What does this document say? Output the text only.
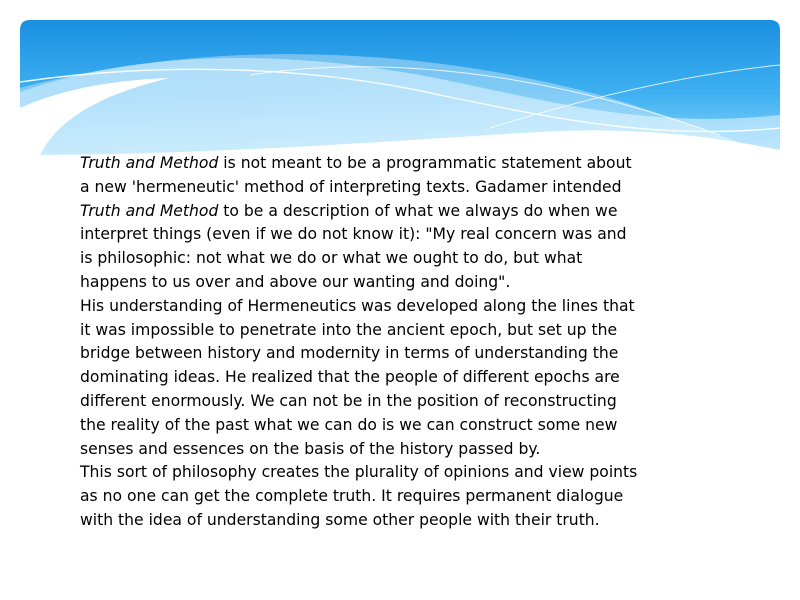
Truth and Method is not meant to be a programmatic statement about
a new 'hermeneutic' method of interpreting texts. Gadamer intended
Truth and Method to be a description of what we always do when we
interpret things (even if we do not know it): "My real concern was and
is philosophic: not what we do or what we ought to do, but what
happens to us over and above our wanting and doing".
His understanding of Hermeneutics was developed along the lines that
it was impossible to penetrate into the ancient epoch, but set up the
bridge between history and modernity in terms of understanding the
dominating ideas. He realized that the people of different epochs are
different enormously. We can not be in the position of reconstructing
the reality of the past what we can do is we can construct some new
senses and essences on the basis of the history passed by.
This sort of philosophy creates the plurality of opinions and view points
as no one can get the complete truth. It requires permanent dialogue
with the idea of understanding some other people with their truth.
